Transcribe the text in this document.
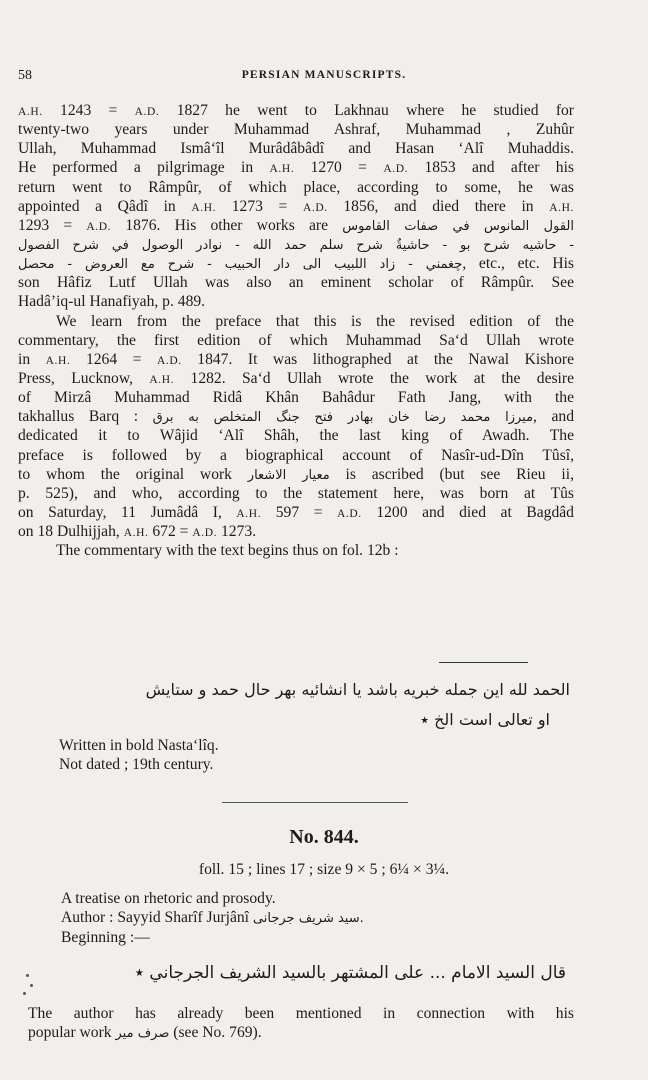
58	PERSIAN MANUSCRIPTS.
A.H. 1243 = A.D. 1827 he went to Lakhnau where he studied for
twenty-two years under Muhammad Ashraf, Muhammad , Zuhûr
Ullah, Muhammad Ismâ‘îl Murâdâbâdî and Hasan ‘Alî Muhaddis.
He performed a pilgrimage in A.H. 1270 = A.D. 1853 and after his
return went to Râmpûr, of which place, according to some, he was
appointed a Qâdî in A.H. 1273 = A.D. 1856, and died there in A.H.
1293 = A.D. 1876. His other works are القول المانوس في صفات القاموس
حاشيه شرح بو - حاشيةٌ شرح سلم حمد الله - نوادر الوصول في شرح الفصول -
چغمني - زاد اللبيب الى دار الحبيب - شرح مع العروض - محصل, etc., etc. His
son Hâfiz Lutf Ullah was also an eminent scholar of Râmpûr. See
Hadâ’iq-ul Hanafiyah, p. 489.
We learn from the preface that this is the revised edition of the
commentary, the first edition of which Muhammad Sa‘d Ullah wrote
in A.H. 1264 = A.D. 1847. It was lithographed at the Nawal Kishore
Press, Lucknow, A.H. 1282. Sa‘d Ullah wrote the work at the desire
of Mirzâ Muhammad Ridâ Khân Bahâdur Fath Jang, with the
takhallus Barq : ميرزا محمد رضا خان بهادر فتح جنگ المتخلص به برق, and
dedicated it to Wâjid ‘Alî Shâh, the last king of Awadh. The
preface is followed by a biographical account of Nasîr-ud-Dîn Tûsî,
to whom the original work معيار الاشعار is ascribed (but see Rieu ii,
p. 525), and who, according to the statement here, was born at Tûs
on Saturday, 11 Jumâdâ I, A.H. 597 = A.D. 1200 and died at Bagdâd
on 18 Dulhijjah, A.H. 672 = A.D. 1273.
The commentary with the text begins thus on fol. 12b :
الحمد لله این جمله خبریه باشد یا انشائیه بهر حال حمد و ستایش
او تعالی است الخ ٭
Written in bold Nasta‘lîq.
Not dated ; 19th century.
No. 844.
foll. 15 ; lines 17 ; size 9 × 5 ; 6¼ × 3¼.
A treatise on rhetoric and prosody.
Author : Sayyid Sharîf Jurjânî سید شریف جرجانی.
Beginning :—
قال السيد الامام ... على المشتهر بالسيد الشريف الجرجاني ٭
The author has already been mentioned in connection with his
popular work صرف مير (see No. 769).
